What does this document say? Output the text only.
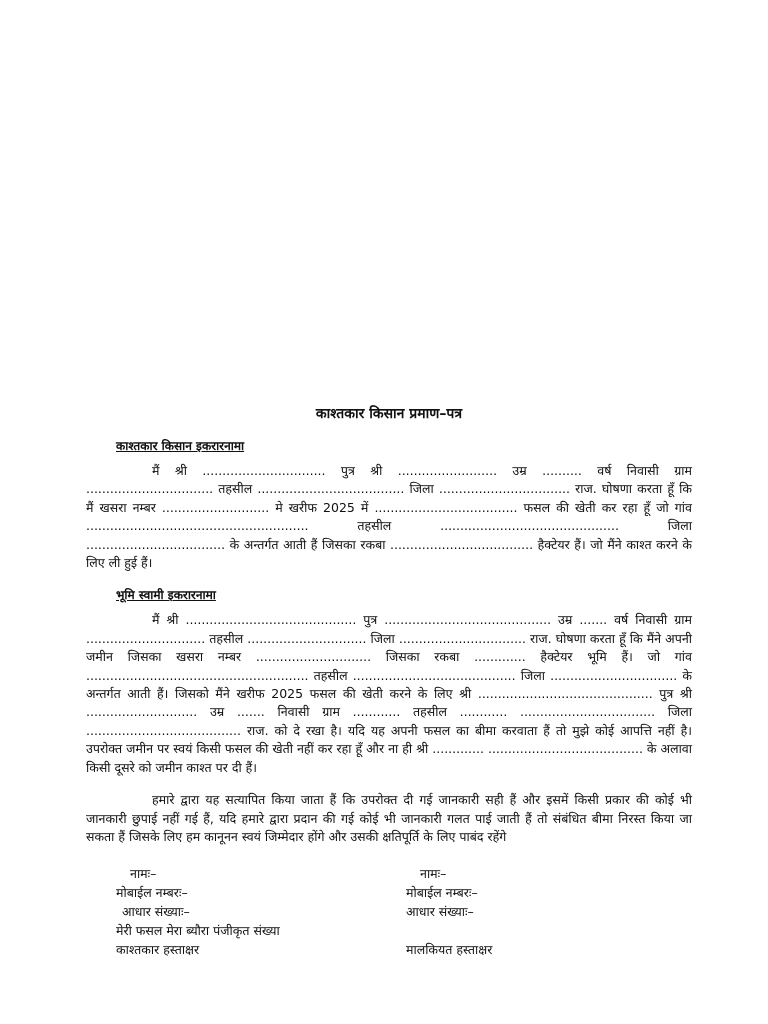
काश्तकार किसान प्रमाण–पत्र
काश्तकार किसान इकरारनामा

मैं श्री ............................... पुत्र श्री ......................... उम्र .......... वर्ष निवासी ग्राम ................................ तहसील ..................................... जिला ................................. राज. घोषणा करता हूँ कि मैं खसरा नम्बर ........................... मे खरीफ 2025 में .................................... फसल की खेती कर रहा हूँ जो गांव ........................................................ तहसील ............................................. जिला ................................... के अन्तर्गत आती हैं जिसका रकबा .................................... हैक्टेयर हैं। जो मैंने काश्त करने के लिए ली हुई हैं।

भूमि स्वामी इकरारनामा

मैं श्री ........................................... पुत्र .......................................... उम्र ....... वर्ष निवासी ग्राम .............................. तहसील .............................. जिला ................................ राज. घोषणा करता हूँ कि मैंने अपनी जमीन जिसका खसरा नम्बर ............................. जिसका रकबा ............. हैक्टेयर भूमि हैं। जो गांव ........................................................ तहसील ......................................... जिला ................................ के अन्तर्गत आती हैं। जिसको मैंने खरीफ 2025 फसल की खेती करने के लिए श्री ............................................ पुत्र श्री ............................ उम्र ....... निवासी ग्राम ............ तहसील ............ .................................. जिला ....................................... राज. को दे रखा है। यदि यह अपनी फसल का बीमा करवाता हैं तो मुझे कोई आपत्ति नहीं है। उपरोक्त जमीन पर स्वयं किसी फसल की खेती नहीं कर रहा हूँ और ना ही श्री ............. ....................................... के अलावा किसी दूसरे को जमीन काश्त पर दी हैं।

हमारे द्वारा यह सत्यापित किया जाता हैं कि उपरोक्त दी गई जानकारी सही हैं और इसमें किसी प्रकार की कोई भी जानकारी छुपाई नहीं गई हैं, यदि हमारे द्वारा प्रदान की गई कोई भी जानकारी गलत पाई जाती हैं तो संबंधित बीमा निरस्त किया जा सकता हैं जिसके लिए हम कानूनन स्वयं जिम्मेदार होंगे और उसकी क्षतिपूर्ति के लिए पाबंद रहेंगे

नामः–
मोबाईल नम्बरः–
आधार संख्याः–
मेरी फसल मेरा ब्यौरा पंजीकृत संख्या
काश्तकार हस्ताक्षर
नामः–
मोबाईल नम्बरः–
आधार संख्याः–

मालकियत हस्ताक्षर
